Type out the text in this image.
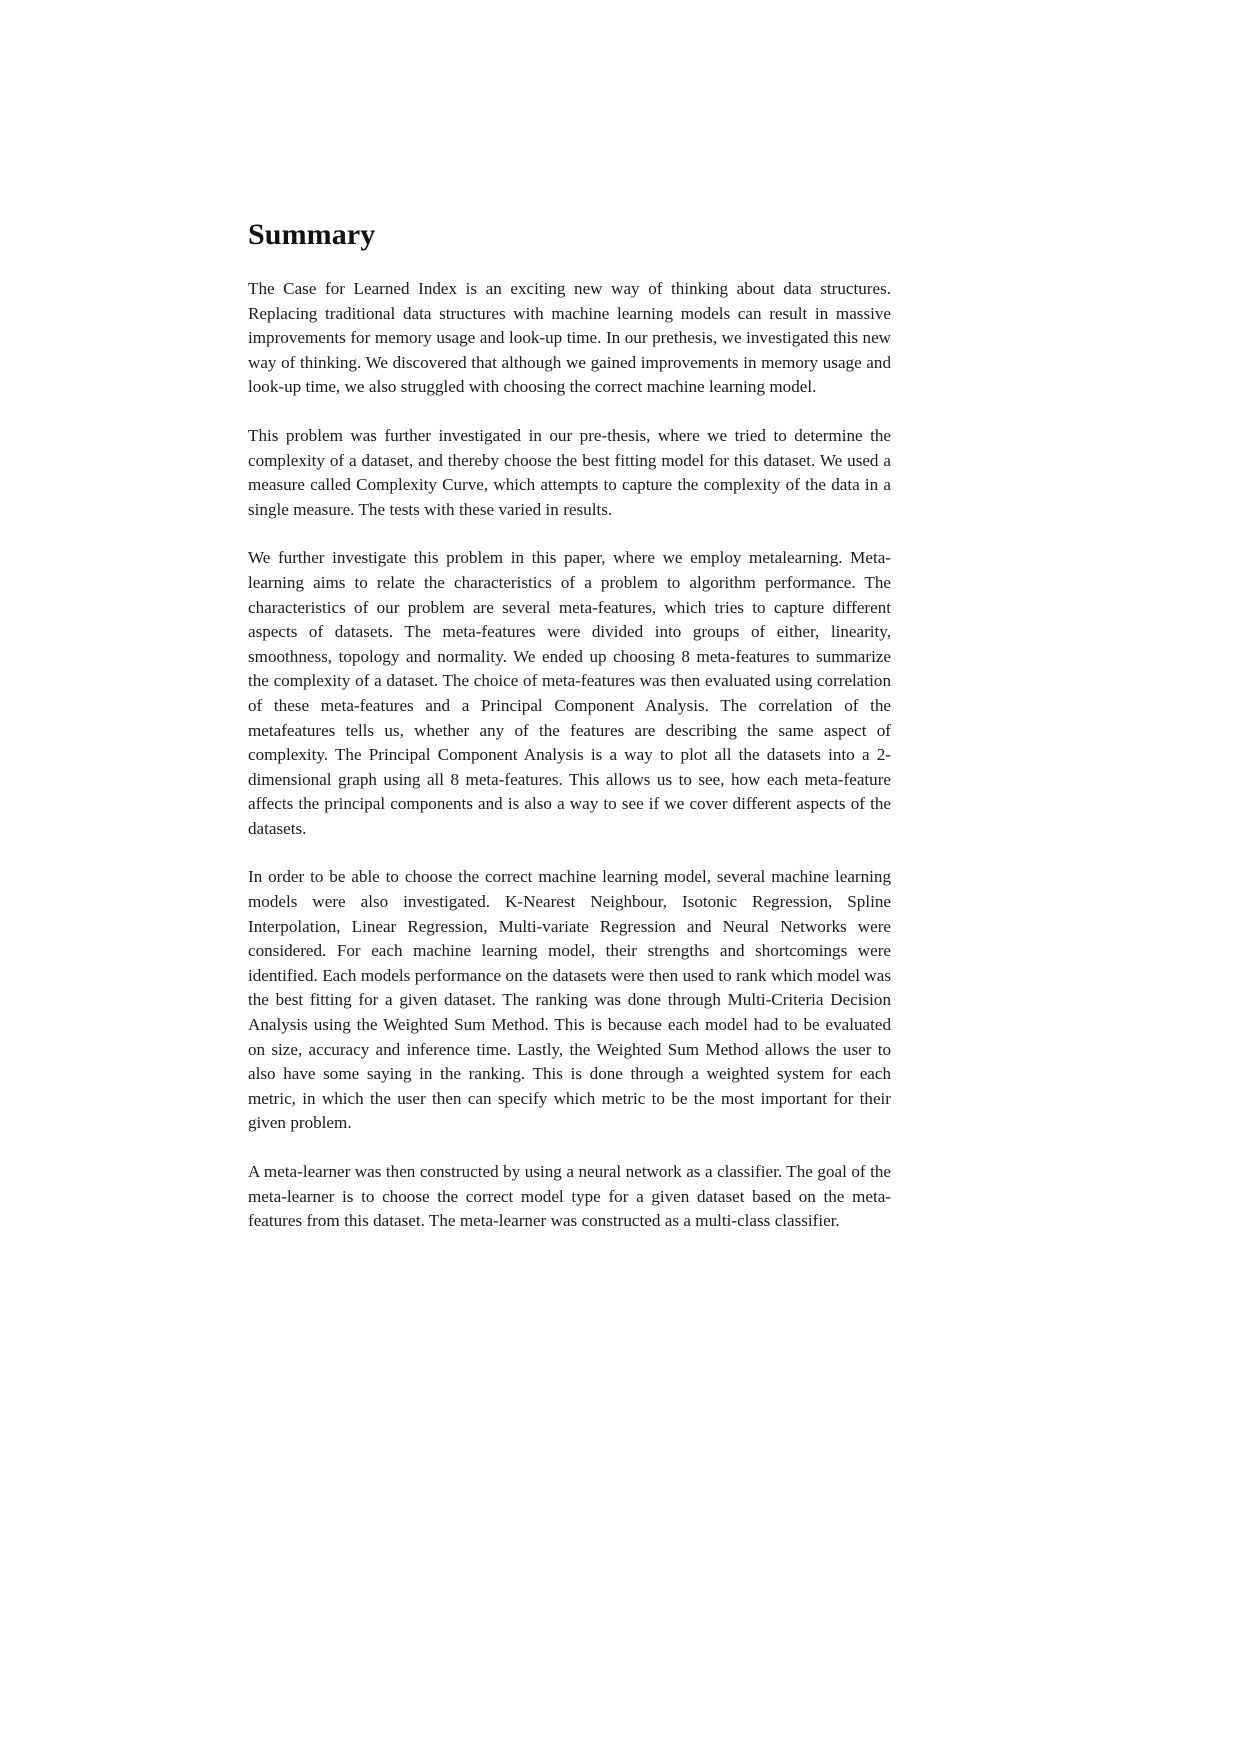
Summary

The Case for Learned Index is an exciting new way of thinking about data structures. Replacing traditional data structures with machine learning models can result in massive improvements for memory usage and look-up time. In our prethesis, we investigated this new way of thinking. We discovered that although we gained improvements in memory usage and look-up time, we also struggled with choosing the correct machine learning model.

This problem was further investigated in our pre-thesis, where we tried to determine the complexity of a dataset, and thereby choose the best fitting model for this dataset. We used a measure called Complexity Curve, which attempts to capture the complexity of the data in a single measure. The tests with these varied in results.

We further investigate this problem in this paper, where we employ metalearning. Meta-learning aims to relate the characteristics of a problem to algorithm performance. The characteristics of our problem are several meta-features, which tries to capture different aspects of datasets. The meta-features were divided into groups of either, linearity, smoothness, topology and normality. We ended up choosing 8 meta-features to summarize the complexity of a dataset. The choice of meta-features was then evaluated using correlation of these meta-features and a Principal Component Analysis. The correlation of the metafeatures tells us, whether any of the features are describing the same aspect of complexity. The Principal Component Analysis is a way to plot all the datasets into a 2-dimensional graph using all 8 meta-features. This allows us to see, how each meta-feature affects the principal components and is also a way to see if we cover different aspects of the datasets.

In order to be able to choose the correct machine learning model, several machine learning models were also investigated. K-Nearest Neighbour, Isotonic Regression, Spline Interpolation, Linear Regression, Multi-variate Regression and Neural Networks were considered. For each machine learning model, their strengths and shortcomings were identified. Each models performance on the datasets were then used to rank which model was the best fitting for a given dataset. The ranking was done through Multi-Criteria Decision Analysis using the Weighted Sum Method. This is because each model had to be evaluated on size, accuracy and inference time. Lastly, the Weighted Sum Method allows the user to also have some saying in the ranking. This is done through a weighted system for each metric, in which the user then can specify which metric to be the most important for their given problem.

A meta-learner was then constructed by using a neural network as a classifier. The goal of the meta-learner is to choose the correct model type for a given dataset based on the meta-features from this dataset. The meta-learner was constructed as a multi-class classifier.
